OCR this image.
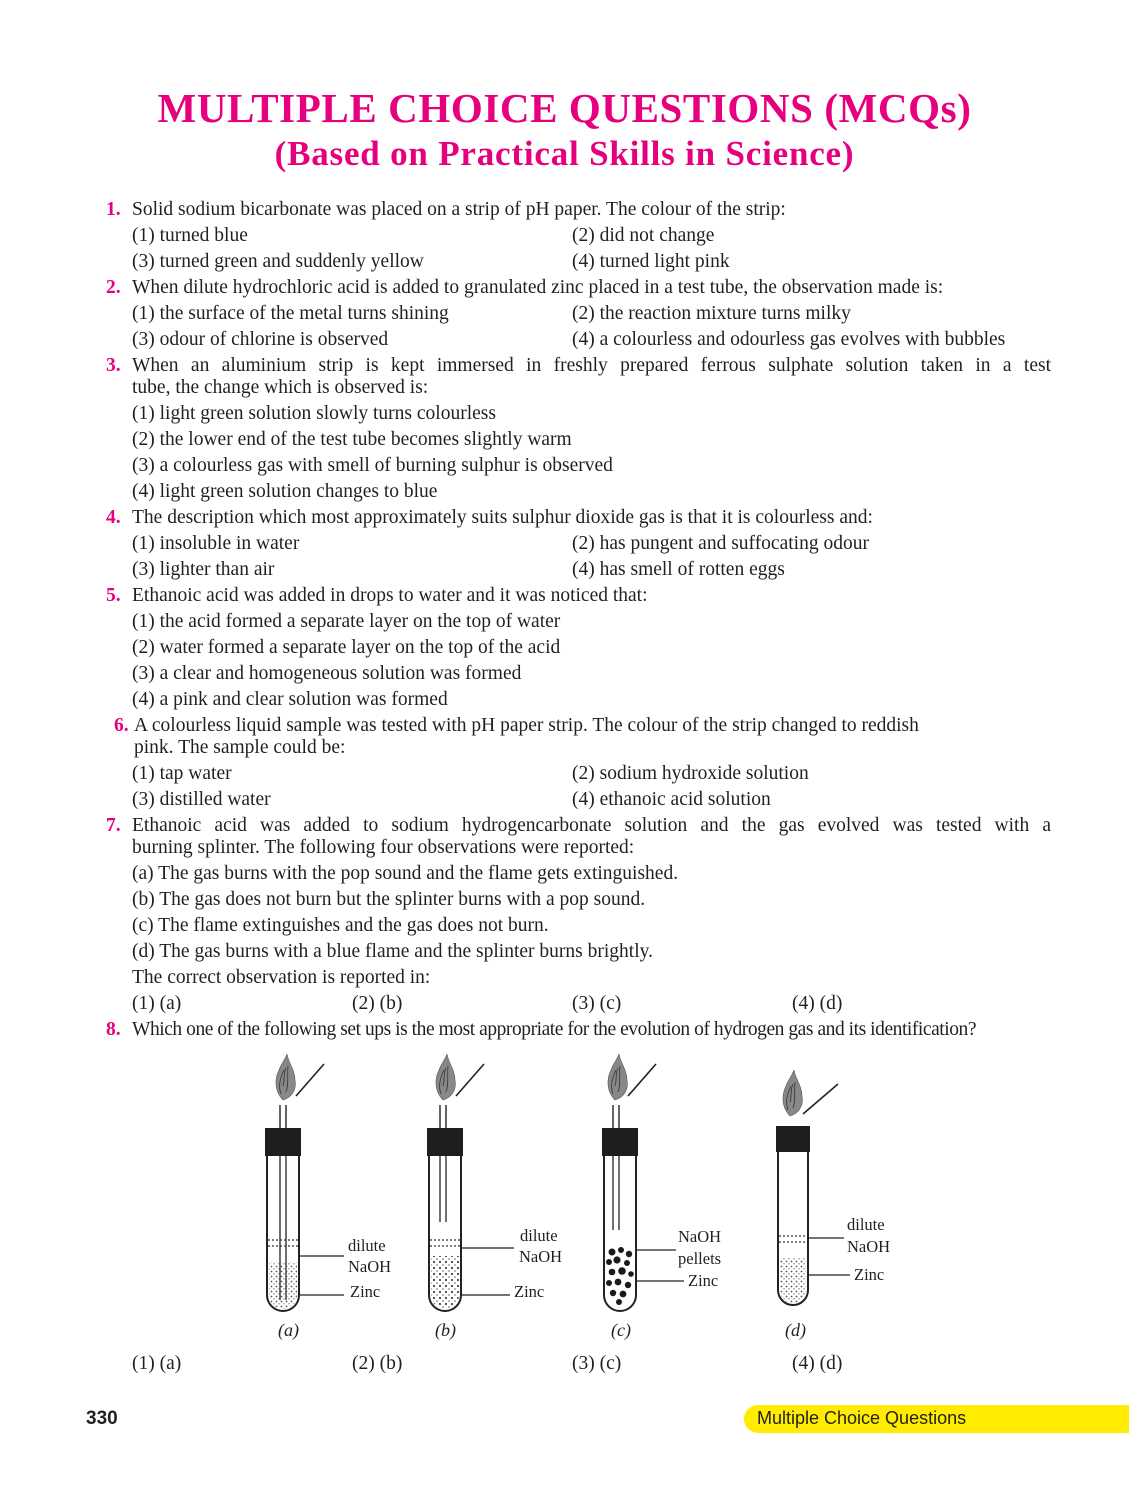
MULTIPLE CHOICE QUESTIONS (MCQs)
(Based on Practical Skills in Science)
1. Solid sodium bicarbonate was placed on a strip of pH paper. The colour of the strip:
(1) turned blue	(2) did not change
(3) turned green and suddenly yellow	(4) turned light pink
2. When dilute hydrochloric acid is added to granulated zinc placed in a test tube, the observation made is:
(1) the surface of the metal turns shining	(2) the reaction mixture turns milky
(3) odour of chlorine is observed	(4) a colourless and odourless gas evolves with bubbles
3. When an aluminium strip is kept immersed in freshly prepared ferrous sulphate solution taken in a test
tube, the change which is observed is:
(1) light green solution slowly turns colourless
(2) the lower end of the test tube becomes slightly warm
(3) a colourless gas with smell of burning sulphur is observed
(4) light green solution changes to blue
4. The description which most approximately suits sulphur dioxide gas is that it is colourless and:
(1) insoluble in water	(2) has pungent and suffocating odour
(3) lighter than air	(4) has smell of rotten eggs
5. Ethanoic acid was added in drops to water and it was noticed that:
(1) the acid formed a separate layer on the top of water
(2) water formed a separate layer on the top of the acid
(3) a clear and homogeneous solution was formed
(4) a pink and clear solution was formed
6. A colourless liquid sample was tested with pH paper strip. The colour of the strip changed to reddish
pink. The sample could be:
(1) tap water	(2) sodium hydroxide solution
(3) distilled water	(4) ethanoic acid solution
7. Ethanoic acid was added to sodium hydrogencarbonate solution and the gas evolved was tested with a
burning splinter. The following four observations were reported:
(a) The gas burns with the pop sound and the flame gets extinguished.
(b) The gas does not burn but the splinter burns with a pop sound.
(c) The flame extinguishes and the gas does not burn.
(d) The gas burns with a blue flame and the splinter burns brightly.
The correct observation is reported in:
(1) (a)	(2) (b)	(3) (c)	(4) (d)
8. Which one of the following set ups is the most appropriate for the evolution of hydrogen gas and its identification?
dilute
NaOH
Zinc
(a)
dilute
NaOH
Zinc
(b)
NaOH
pellets
Zinc
(c)
dilute
NaOH
Zinc
(d)
(1) (a)	(2) (b)	(3) (c)	(4) (d)
330	Multiple Choice Questions
